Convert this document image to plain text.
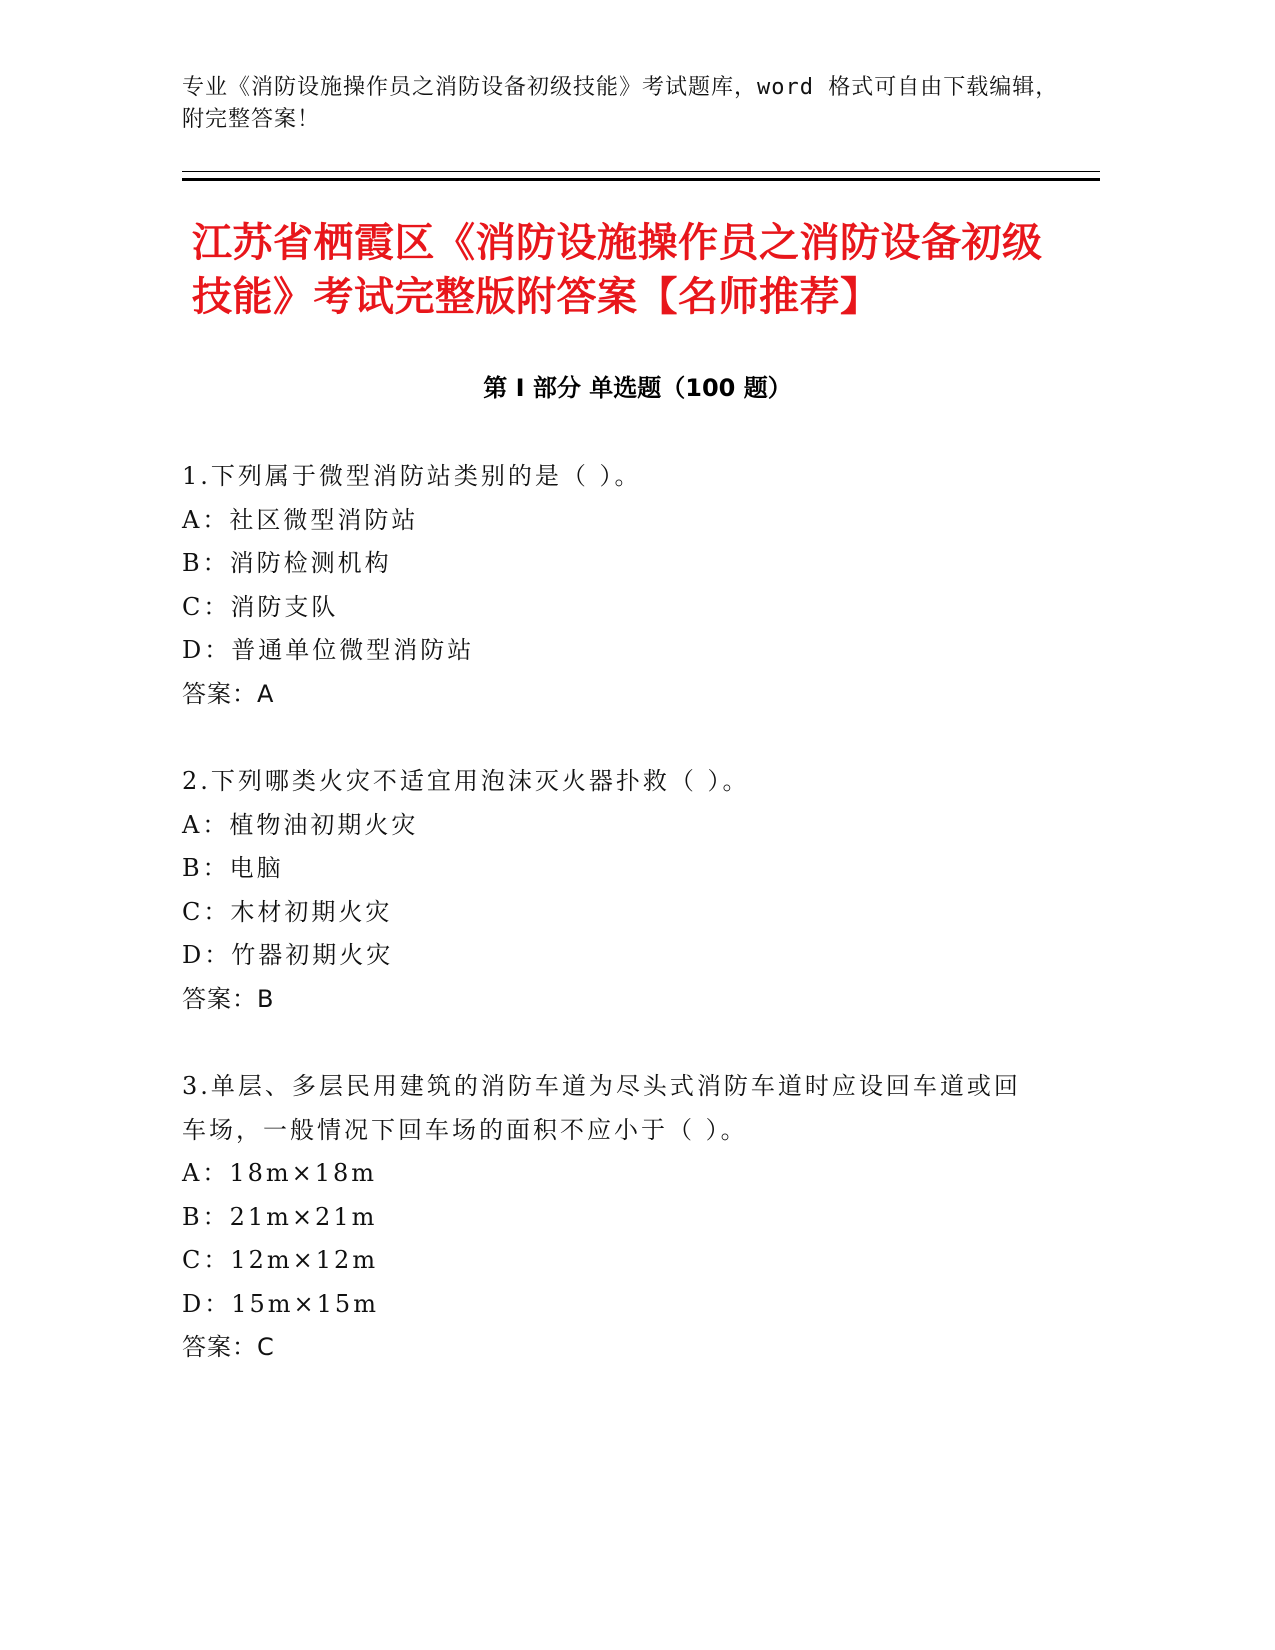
专业《消防设施操作员之消防设备初级技能》考试题库，word 格式可自由下载编辑，附完整答案！
江苏省栖霞区《消防设施操作员之消防设备初级技能》考试完整版附答案【名师推荐】
第 I 部分 单选题（100 题）
1.下列属于微型消防站类别的是（ ）。
A：社区微型消防站
B：消防检测机构
C：消防支队
D：普通单位微型消防站
答案：A
2.下列哪类火灾不适宜用泡沫灭火器扑救（ ）。
A：植物油初期火灾
B：电脑
C：木材初期火灾
D：竹器初期火灾
答案：B
3.单层、多层民用建筑的消防车道为尽头式消防车道时应设回车道或回车场，一般情况下回车场的面积不应小于（ ）。
A：18m×18m
B：21m×21m
C：12m×12m
D：15m×15m
答案：C
